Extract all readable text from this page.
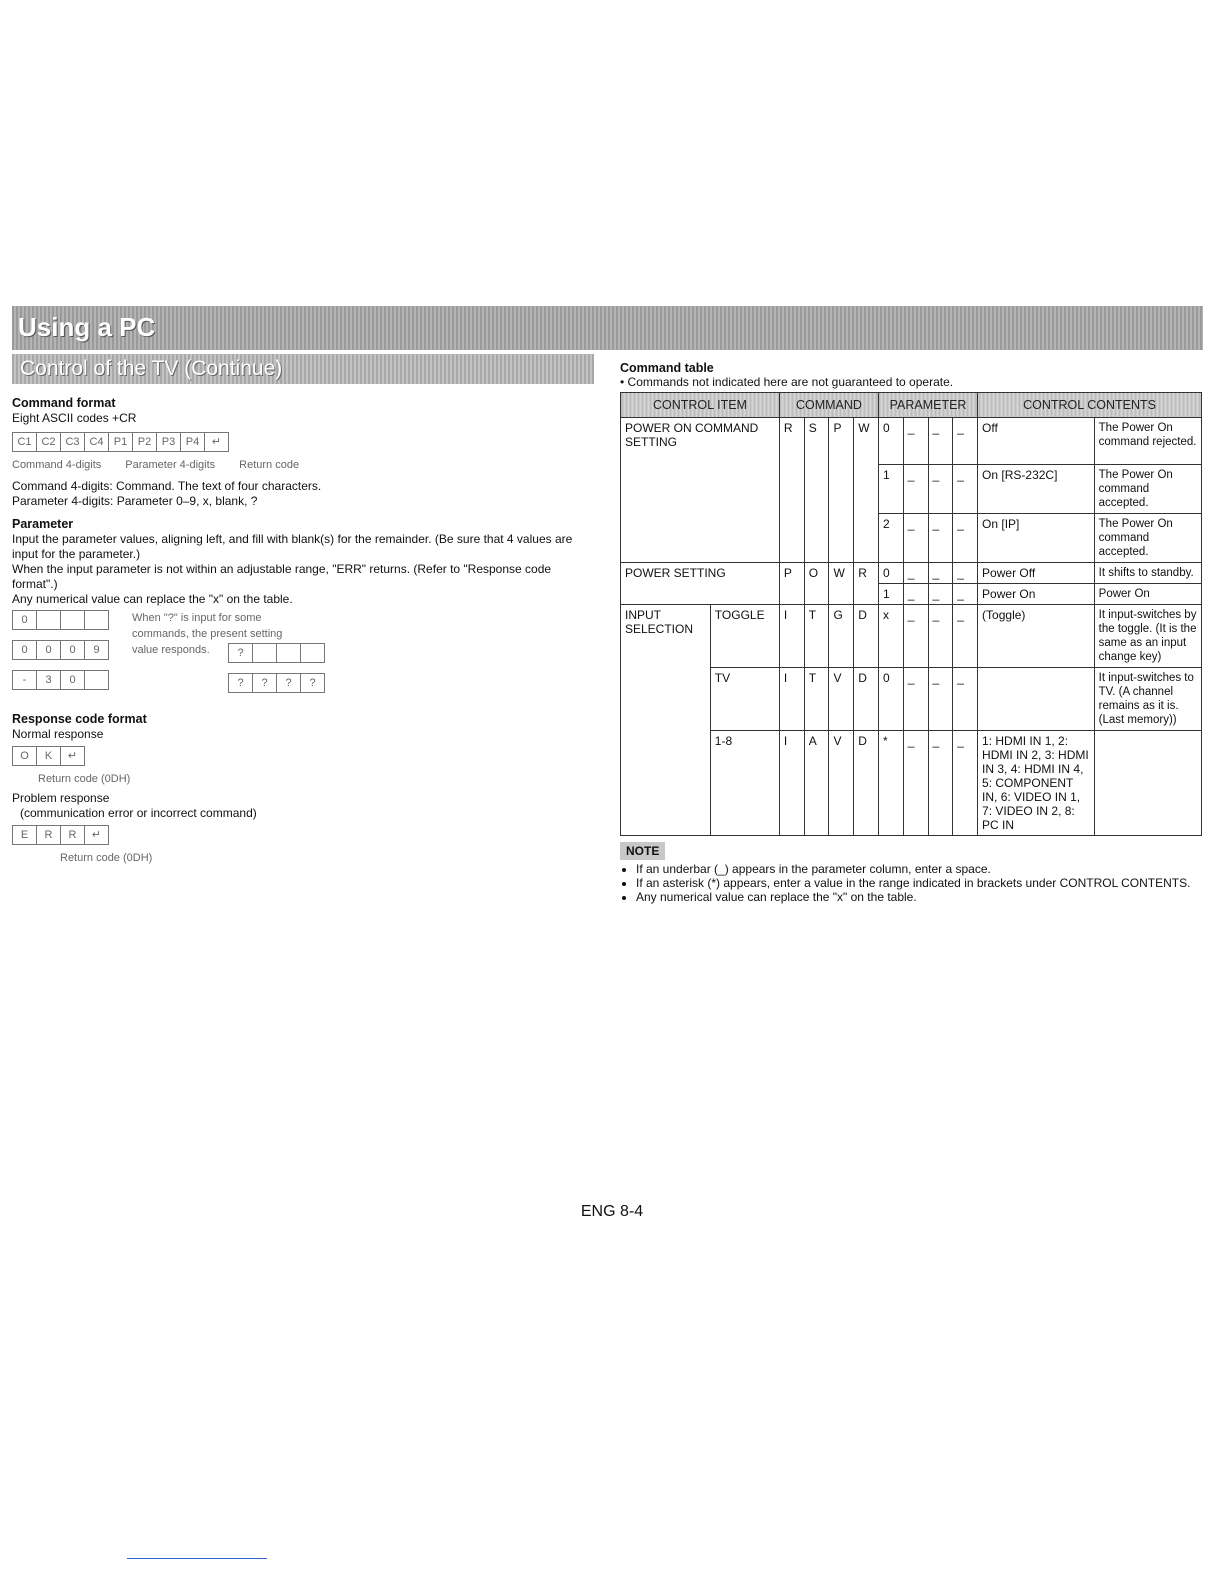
Using a PC
Control of the TV (Continue)
Command format
Eight ASCII codes +CR
C1 C2 C3 C4 P1 P2 P3 P4	↵
Command 4-digits Parameter 4-digits Return code
Command 4-digits: Command. The text of four characters.
Parameter 4-digits: Parameter 0–9, x, blank, ?
Parameter
Input the parameter values, aligning left, and fill with blank(s) for the remainder. (Be sure that 4 values are input for the parameter.)
When the input parameter is not within an adjustable range, "ERR" returns. (Refer to "Response code format".)
Any numerical value can replace the "x" on the table.
0
0	0	0	9
-	3	0
When "?" is input for some commands, the present setting value responds.	?
?	?	?	?
Response code format
Normal response
O	K	↵
Return code (0DH)
Problem response
(communication error or incorrect command)
E	R	R	↵
Return code (0DH)
Command table
• Commands not indicated here are not guaranteed to operate.
CONTROL ITEM		COMMAND				PARAMETER				CONTROL CONTENTS	
POWER ON COMMAND SETTING		R	S	P	W	0	_	_	_	Off	The Power On command rejected.
						1	_	_	_	On [RS-232C]	The Power On command accepted.
						2	_	_	_	On [IP]	The Power On command accepted.
POWER SETTING		P	O	W	R	0	_	_	_	Power Off	It shifts to standby.
						1	_	_	_	Power On	Power On
INPUT SELECTION	TOGGLE	I	T	G	D	x	_	_	_	(Toggle)	It input-switches by the toggle. (It is the same as an input change key)
	TV	I	T	V	D	0	_	_	_		It input-switches to TV. (A channel remains as it is. (Last memory))
	1-8	I	A	V	D	*	_	_	_	1: HDMI IN 1, 2: HDMI IN 2, 3: HDMI IN 3, 4: HDMI IN 4, 5: COMPONENT IN, 6: VIDEO IN 1, 7: VIDEO IN 2, 8: PC IN	
NOTE
• If an underbar (_) appears in the parameter column, enter a space.
• If an asterisk (*) appears, enter a value in the range indicated in brackets under CONTROL CONTENTS.
• Any numerical value can replace the "x" on the table.
ENG 8-4
